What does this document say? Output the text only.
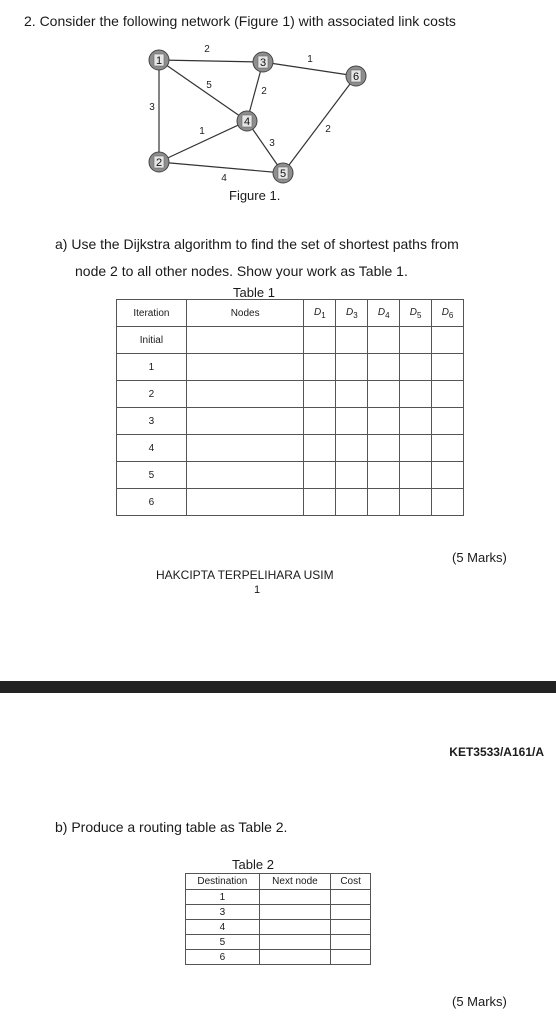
2. Consider the following network (Figure 1) with associated link costs
2
5
3
1
4
2
1
3
2
1
2
3
4
5
6
Figure 1.
a) Use the Dijkstra algorithm to find the set of shortest paths from
node 2 to all other nodes. Show your work as Table 1.
Table 1
Iteration	Nodes	$D_1$	$D_3$	$D_4$	$D_5$	$D_6$
Initial						
1						
2						
3						
4						
5						
6						
(5 Marks)
HAKCIPTA TERPELIHARA USIM
1
KET3533/A161/A
b) Produce a routing table as Table 2.
Table 2
Destination	Next node	Cost
1		
3		
4		
5		
6		
(5 Marks)
